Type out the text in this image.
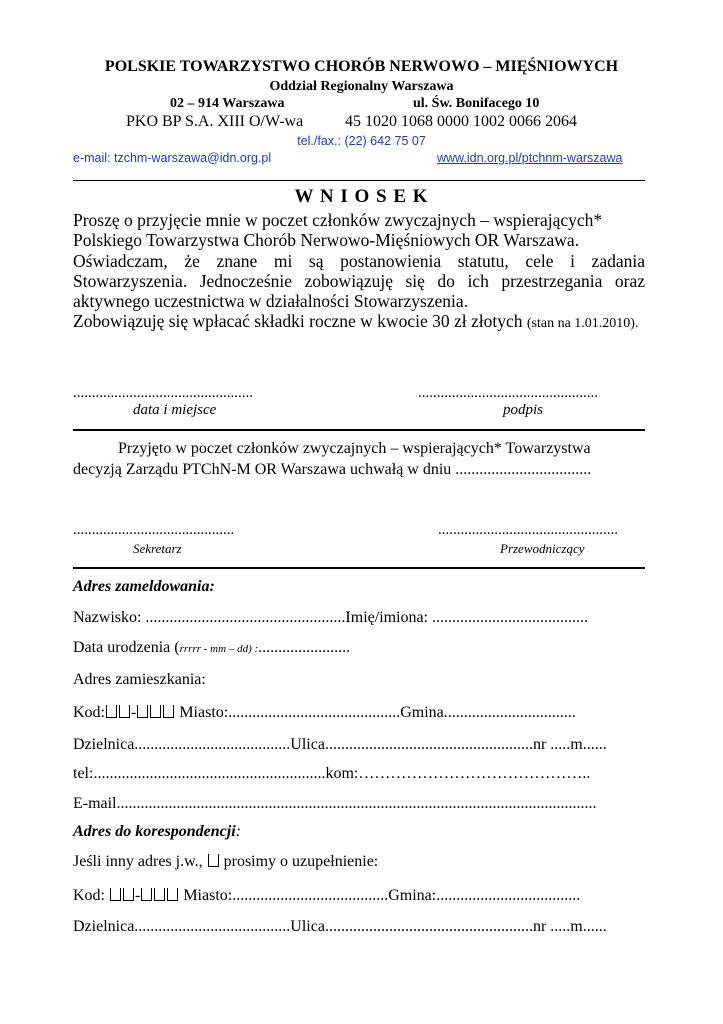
POLSKIE TOWARZYSTWO CHORÓB NERWOWO – MIĘŚNIOWYCH
Oddział Regionalny Warszawa
02 – 914 Warszawa	ul. Św. Bonifacego 10
PKO BP S.A. XIII O/W-wa	45 1020 1068 0000 1002 0066 2064
tel./fax.: (22) 642 75 07
e-mail: tzchm-warszawa@idn.org.pl	www.idn.org.pl/ptchnm-warszawa
W N I O S E K

Proszę o przyjęcie mnie w poczet członków zwyczajnych – wspierających*

Polskiego Towarzystwa Chorób Nerwowo-Mięśniowych OR Warszawa.

Oświadczam, że znane mi są postanowienia statutu, cele i zadania Stowarzyszenia. Jednocześnie zobowiązuję się do ich przestrzegania oraz aktywnego uczestnictwa w działalności Stowarzyszenia.

Zobowiązuję się wpłacać składki roczne w kwocie 30 zł złotych (stan na 1.01.2010).

................................................	................................................
data i miejsce	podpis
Przyjęto w poczet członków zwyczajnych – wspierających* Towarzystwa
decyzją Zarządu PTChN-M OR Warszawa uchwałą w dniu ..................................
...........................................	................................................
Sekretarz	Przewodniczący
Adres zameldowania:
Nazwisko: ..................................................Imię/imiona: .......................................
Data urodzenia (rrrrr - mm – dd) :.......................
Adres zamieszkania:
Kod: - Miasto:...........................................Gmina.................................
Dzielnica.......................................Ulica....................................................nr .....m......
tel:..........................................................kom:……………………………………..
E-mail........................................................................................................................
Adres do korespondencji:
Jeśli inny adres j.w.,  prosimy o uzupełnienie:
Kod: - Miasto:.......................................Gmina:....................................
Dzielnica.......................................Ulica....................................................nr .....m......
